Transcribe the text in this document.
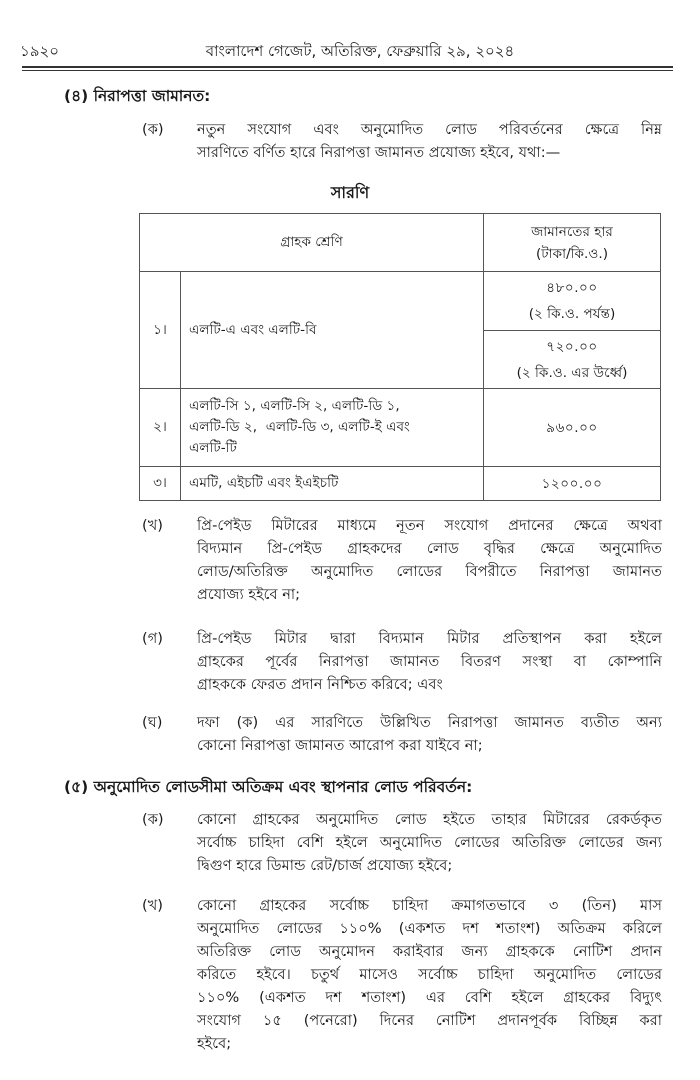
১৯২০	বাংলাদেশ গেজেট, অতিরিক্ত, ফেব্রুয়ারি ২৯, ২০২৪
(৪) নিরাপত্তা জামানত:
(ক) নতুন সংযোগ এবং অনুমোদিত লোড পরিবর্তনের ক্ষেত্রে নিম্ন
সারণিতে বর্ণিত হারে নিরাপত্তা জামানত প্রযোজ্য হইবে, যথা:—
সারণি
গ্রাহক শ্রেণি		জামানতের হার
(টাকা/কি.ও.)

১।	এলটি-এ এবং এলটি-বি	৪৮০.০০
(২ কি.ও. পর্যন্ত)

		৭২০.০০
(২ কি.ও. এর উর্ধ্বে)

২।	এলটি-সি ১, এলটি-সি ২, এলটি-ডি ১,
এলটি-ডি ২,  এলটি-ডি ৩, এলটি-ই এবং
এলটি-টি	৯৬০.০০
৩।	এমটি, এইচটি এবং ইএইচটি	১২০০.০০
(খ) প্রি-পেইড মিটারের মাধ্যমে নূতন সংযোগ প্রদানের ক্ষেত্রে অথবা
বিদ্যমান প্রি-পেইড গ্রাহকদের লোড বৃদ্ধির ক্ষেত্রে অনুমোদিত
লোড/অতিরিক্ত অনুমোদিত লোডের বিপরীতে নিরাপত্তা জামানত
প্রযোজ্য হইবে না;
(গ) প্রি-পেইড মিটার দ্বারা বিদ্যমান মিটার প্রতিস্থাপন করা হইলে
গ্রাহকের পূর্বের নিরাপত্তা জামানত বিতরণ সংস্থা বা কোম্পানি
গ্রাহককে ফেরত প্রদান নিশ্চিত করিবে; এবং
(ঘ) দফা (ক) এর সারণিতে উল্লিখিত নিরাপত্তা জামানত ব্যতীত অন্য
কোনো নিরাপত্তা জামানত আরোপ করা যাইবে না;
(৫) অনুমোদিত লোডসীমা অতিক্রম এবং স্থাপনার লোড পরিবর্তন:
(ক) কোনো গ্রাহকের অনুমোদিত লোড হইতে তাহার মিটারের রেকর্ডকৃত
সর্বোচ্চ চাহিদা বেশি হইলে অনুমোদিত লোডের অতিরিক্ত লোডের জন্য
দ্বিগুণ হারে ডিমান্ড রেট/চার্জ প্রযোজ্য হইবে;
(খ) কোনো গ্রাহকের সর্বোচ্চ চাহিদা ক্রমাগতভাবে ৩ (তিন) মাস
অনুমোদিত লোডের ১১০% (একশত দশ শতাংশ) অতিক্রম করিলে
অতিরিক্ত লোড অনুমোদন করাইবার জন্য গ্রাহককে নোটিশ প্রদান
করিতে হইবে। চতুর্থ মাসেও সর্বোচ্চ চাহিদা অনুমোদিত লোডের
১১০% (একশত দশ শতাংশ) এর বেশি হইলে গ্রাহকের বিদ্যুৎ
সংযোগ ১৫ (পনেরো) দিনের নোটিশ প্রদানপূর্বক বিচ্ছিন্ন করা
হইবে;
